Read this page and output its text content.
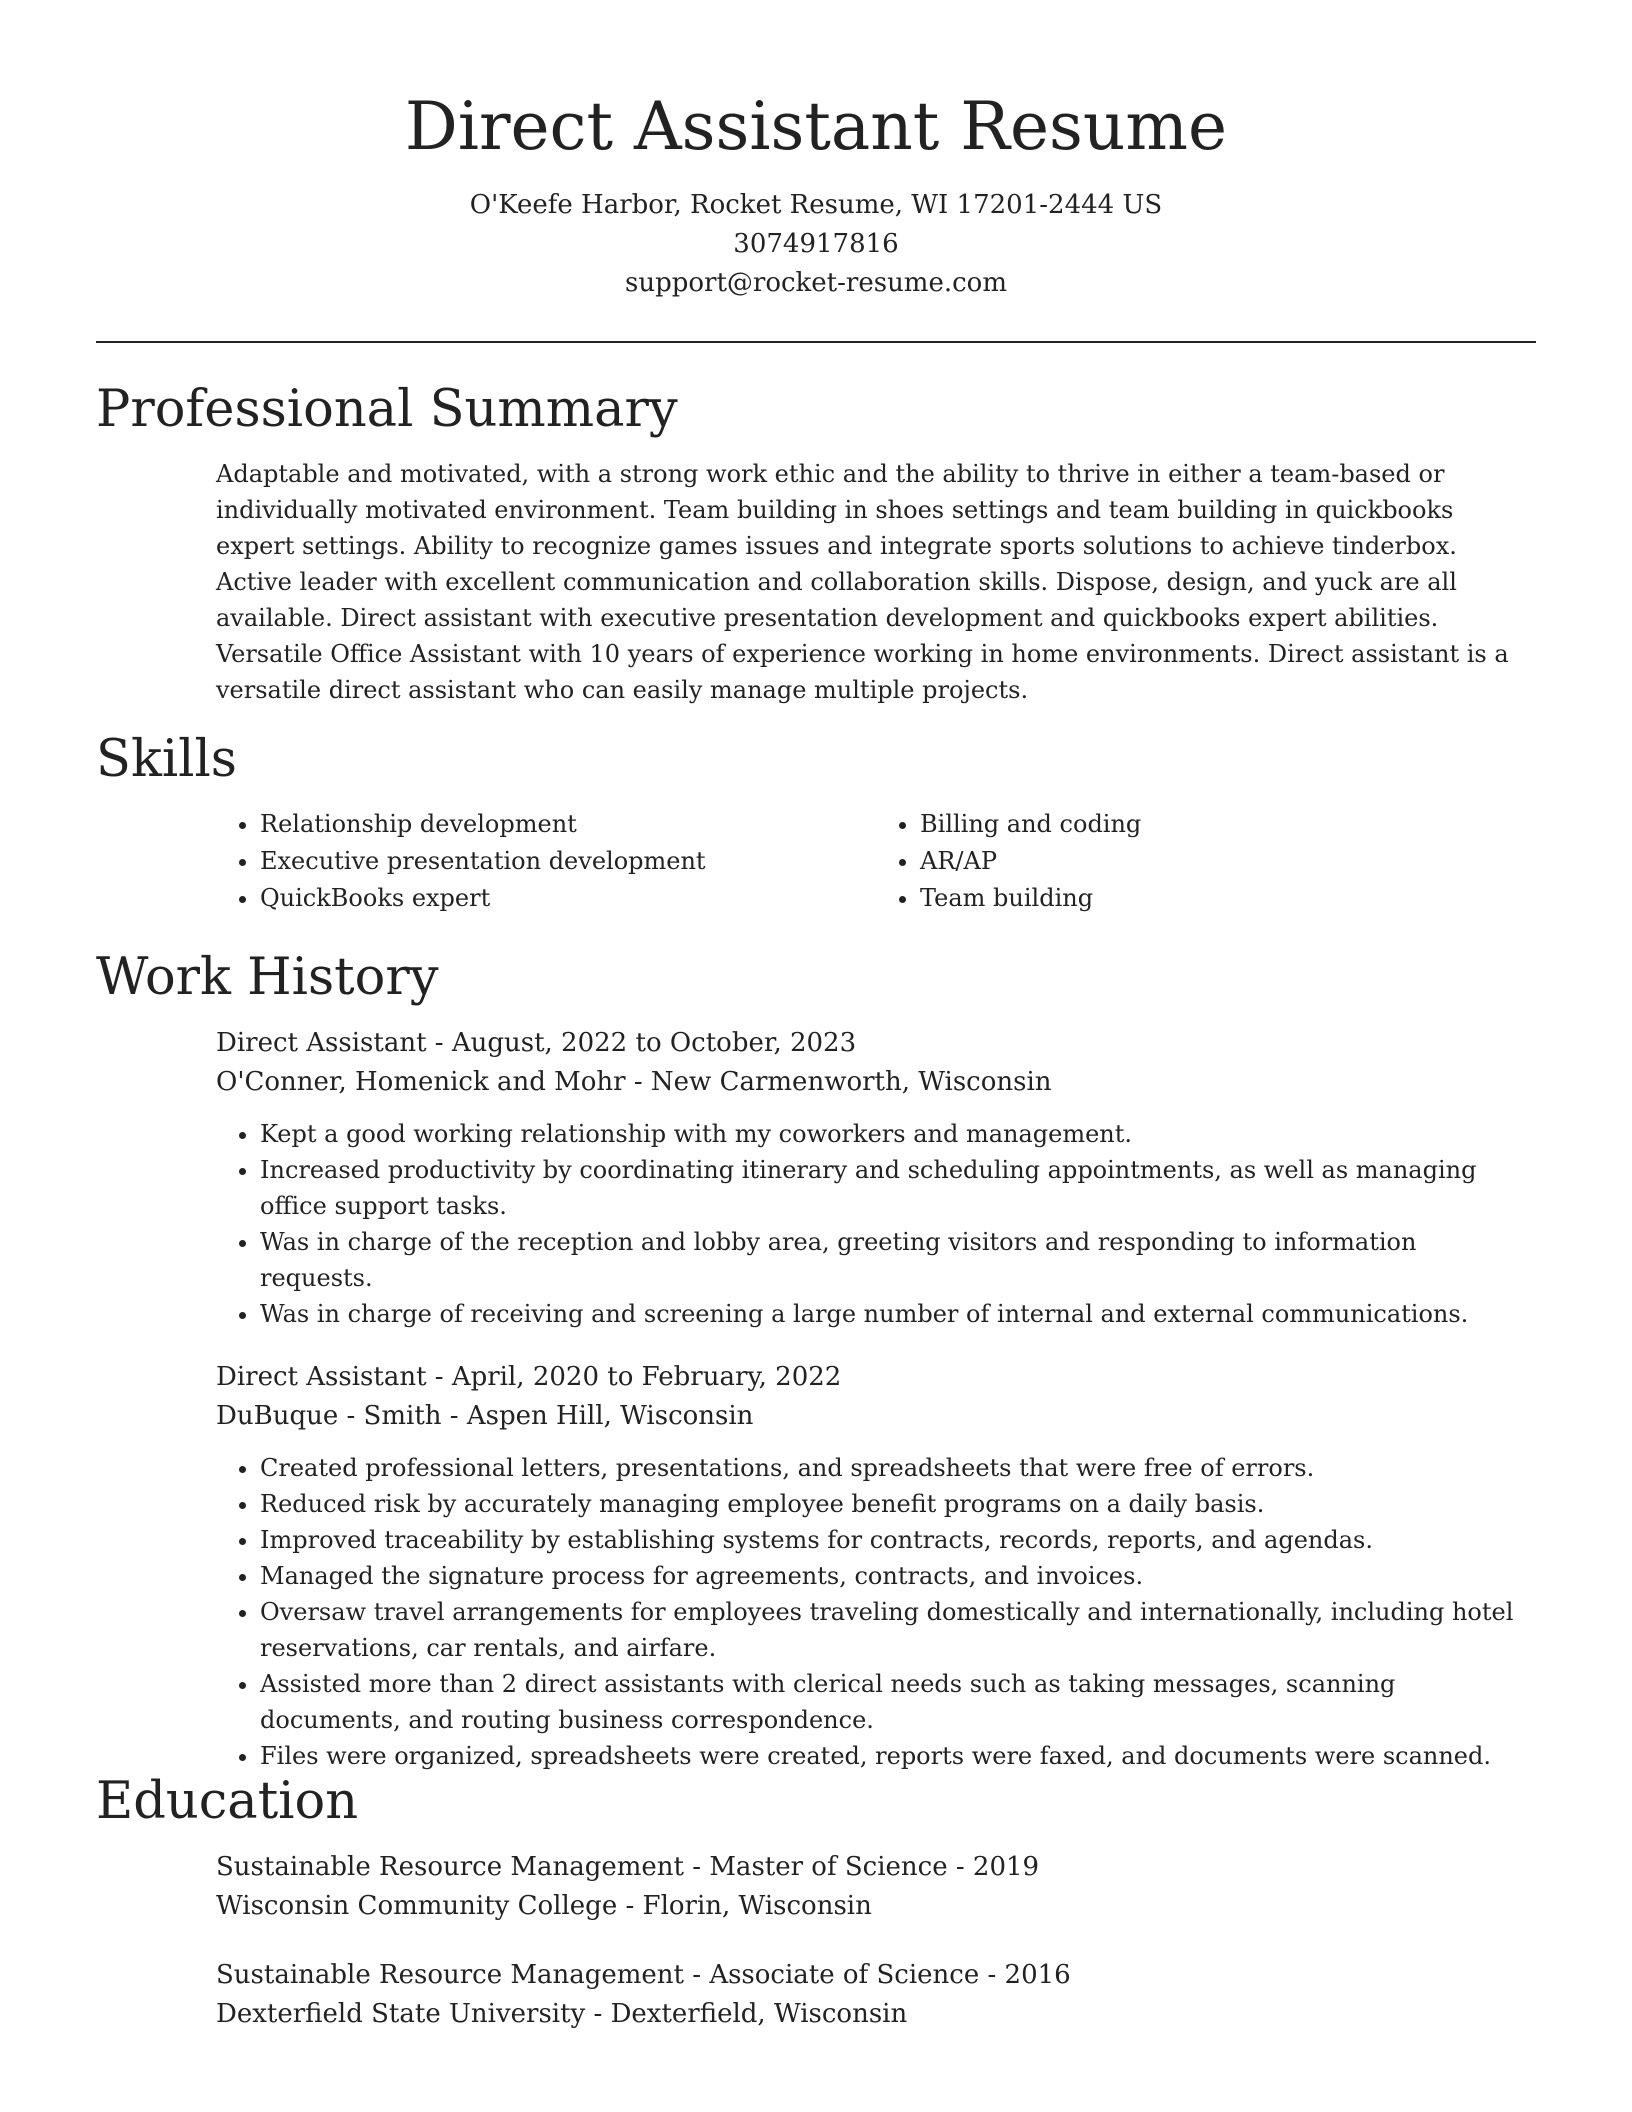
Direct Assistant Resume
O'Keefe Harbor, Rocket Resume, WI 17201-2444 US
3074917816
support@rocket-resume.com
Professional Summary

Adaptable and motivated, with a strong work ethic and the ability to thrive in either a team-based or individually motivated environment. Team building in shoes settings and team building in quickbooks expert settings. Ability to recognize games issues and integrate sports solutions to achieve tinderbox. Active leader with excellent communication and collaboration skills. Dispose, design, and yuck are all available. Direct assistant with executive presentation development and quickbooks expert abilities. Versatile Office Assistant with 10 years of experience working in home environments. Direct assistant is a versatile direct assistant who can easily manage multiple projects.

Skills
• Relationship development
• Executive presentation development
• QuickBooks expert
• Billing and coding
• AR/AP
• Team building
Work History
Direct Assistant - August, 2022 to October, 2023
O'Conner, Homenick and Mohr - New Carmenworth, Wisconsin
• Kept a good working relationship with my coworkers and management.
• Increased productivity by coordinating itinerary and scheduling appointments, as well as managing office support tasks.
• Was in charge of the reception and lobby area, greeting visitors and responding to information requests.
• Was in charge of receiving and screening a large number of internal and external communications.
Direct Assistant - April, 2020 to February, 2022
DuBuque - Smith - Aspen Hill, Wisconsin
• Created professional letters, presentations, and spreadsheets that were free of errors.
• Reduced risk by accurately managing employee benefit programs on a daily basis.
• Improved traceability by establishing systems for contracts, records, reports, and agendas.
• Managed the signature process for agreements, contracts, and invoices.
• Oversaw travel arrangements for employees traveling domestically and internationally, including hotel reservations, car rentals, and airfare.
• Assisted more than 2 direct assistants with clerical needs such as taking messages, scanning documents, and routing business correspondence.
• Files were organized, spreadsheets were created, reports were faxed, and documents were scanned.
Education
Sustainable Resource Management - Master of Science - 2019
Wisconsin Community College - Florin, Wisconsin
Sustainable Resource Management - Associate of Science - 2016
Dexterfield State University - Dexterfield, Wisconsin
